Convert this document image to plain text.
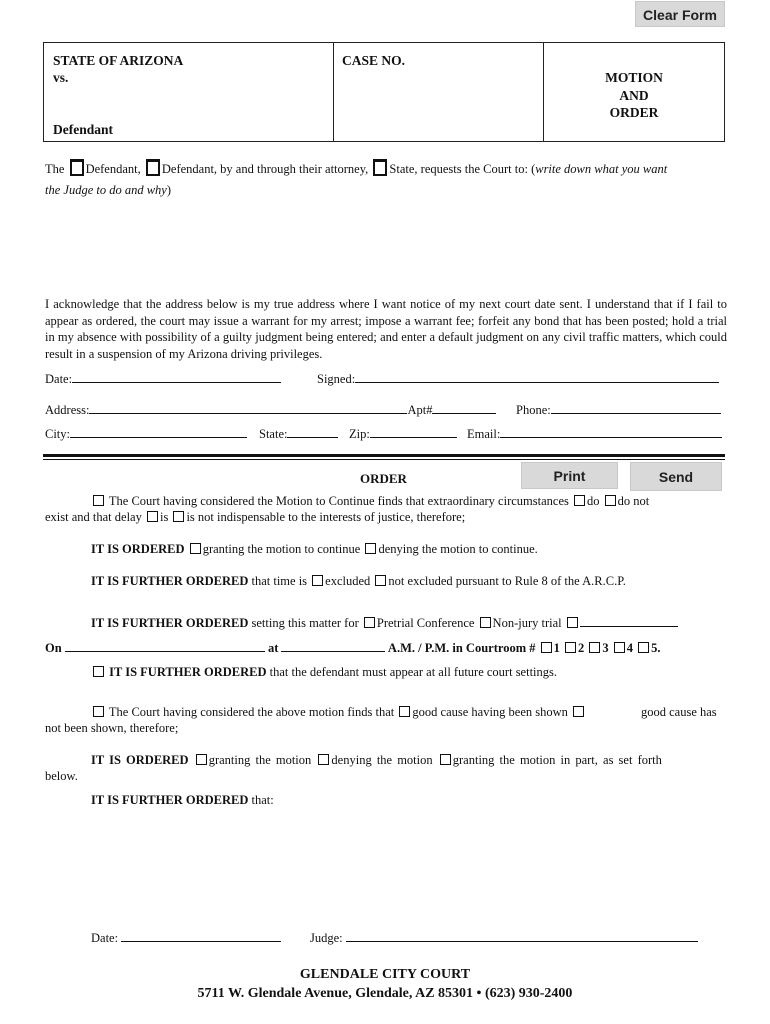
Clear Form
STATE OF ARIZONA
vs.
Defendant
CASE NO.
MOTION
AND
ORDER
The Defendant, Defendant, by and through their attorney, State, requests the Court to: (write down what you want
the Judge to do and why)
I acknowledge that the address below is my true address where I want notice of my next court date sent. I understand that if I fail to appear as ordered, the court may issue a warrant for my arrest; impose a warrant fee; forfeit any bond that has been posted; hold a trial in my absence with possibility of a guilty judgment being entered; and enter a default judgment on any civil traffic matters, which could result in a suspension of my Arizona driving privileges.
Date:	Signed:
Address:	Apt#	Phone:
City:	State:	Zip:	Email:
ORDER	Print	Send
The Court having considered the Motion to Continue finds that extraordinary circumstances do do not
exist and that delay is is not indispensable to the interests of justice, therefore;
IT IS ORDERED granting the motion to continue denying the motion to continue.
IT IS FURTHER ORDERED that time is excluded not excluded pursuant to Rule 8 of the A.R.C.P.
IT IS FURTHER ORDERED setting this matter for Pretrial Conference Non-jury trial
On	at	A.M. / P.M. in Courtroom # 1 2 3 4 5.
IT IS FURTHER ORDERED that the defendant must appear at all future court settings.
The Court having considered the above motion finds that good cause having been shown	good cause has
not been shown, therefore;
IT IS ORDERED granting the motion denying the motion granting the motion in part, as set forth
below.
IT IS FURTHER ORDERED that:
Date:	Judge:
GLENDALE CITY COURT
5711 W. Glendale Avenue, Glendale, AZ 85301 • (623) 930-2400
